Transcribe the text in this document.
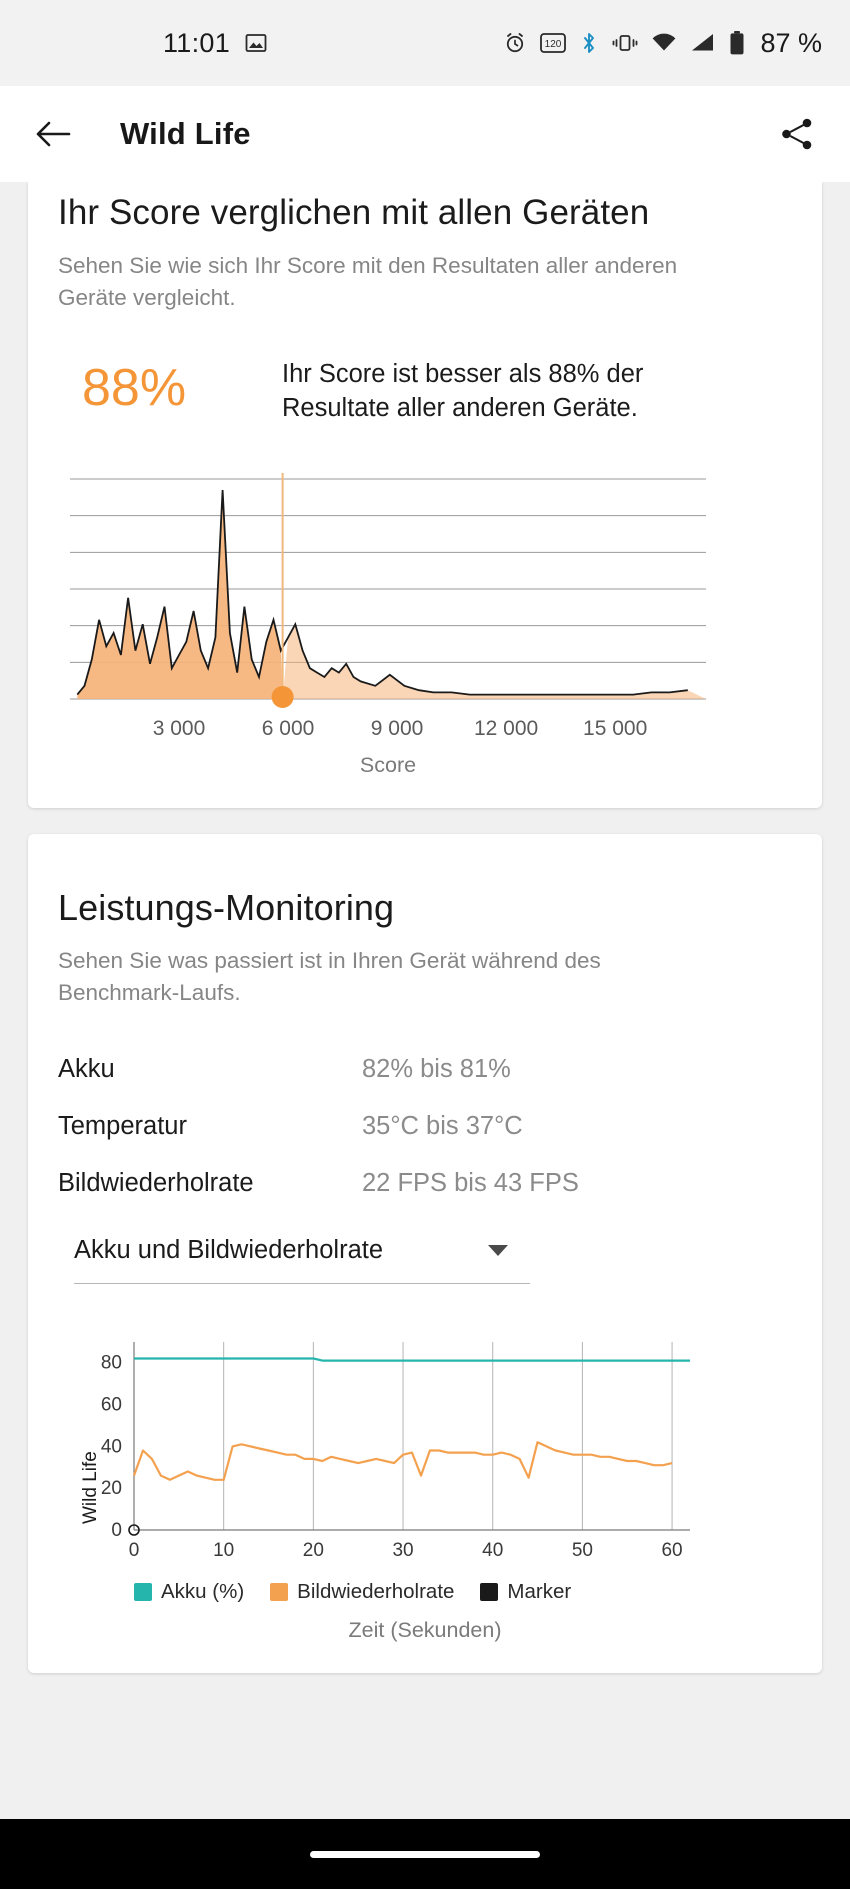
11:01	120	87 %
Wild Life
Ihr Score verglichen mit allen Geräten
Sehen Sie wie sich Ihr Score mit den Resultaten aller anderen Geräte vergleicht.
88%	Ihr Score ist besser als 88% der Resultate aller anderen Geräte.
3 000	6 000	9 000 12 000 15 000
Score
Leistungs-Monitoring
Sehen Sie was passiert ist in Ihren Gerät während des Benchmark-Laufs.
Akku	82% bis 81%
Temperatur	35°C bis 37°C
Bildwiederholrate	22 FPS bis 43 FPS
Akku und Bildwiederholrate
0
20
40
60
80
0	10	20	30	40	50	60
Wild Life
Akku (%)	Bildwiederholrate	Marker
Zeit (Sekunden)
